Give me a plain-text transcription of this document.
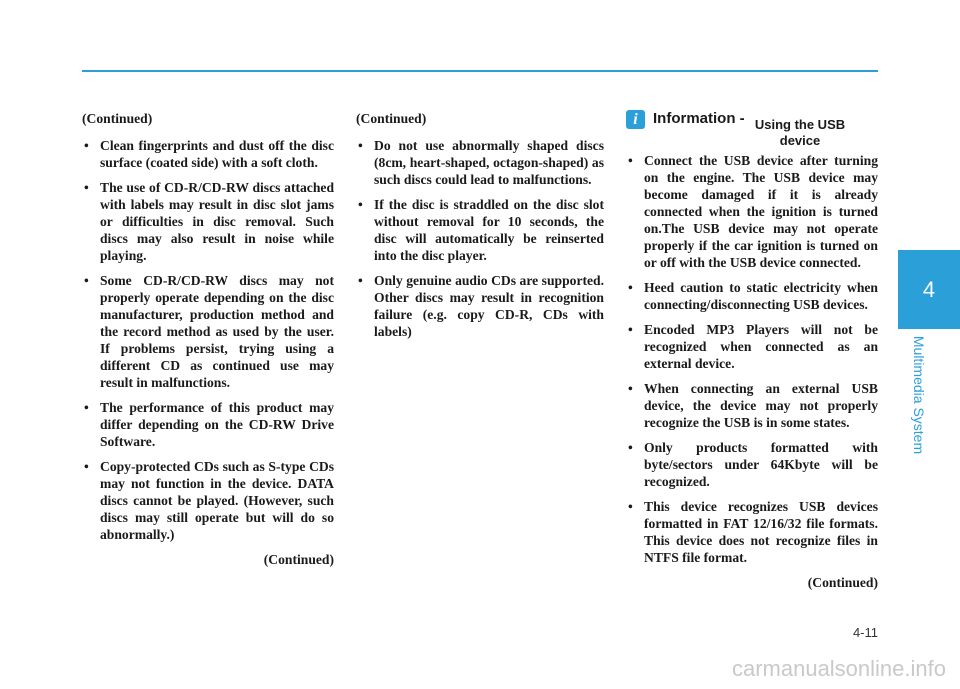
(Continued)
• Clean fingerprints and dust off the disc surface (coated side) with a soft cloth.
• The use of CD-R/CD-RW discs attached with labels may result in disc slot jams or difficulties in disc removal. Such discs may also result in noise while playing.
• Some CD-R/CD-RW discs may not properly operate depending on the disc manufacturer, production method and the record method as used by the user. If problems persist, trying using a different CD as continued use may result in malfunctions.
• The performance of this product may differ depending on the CD-RW Drive Software.
• Copy-protected CDs such as S-type CDs may not function in the device. DATA discs cannot be played. (However, such discs may still operate but will do so abnormally.)
(Continued)
(Continued)
• Do not use abnormally shaped discs (8cm, heart-shaped, octagon-shaped) as such discs could lead to malfunctions.
• If the disc is straddled on the disc slot without removal for 10 seconds, the disc will automatically be reinserted into the disc player.
• Only genuine audio CDs are supported. Other discs may result in recognition failure (e.g. copy CD-R, CDs with labels)
i	Information - Using the USB device
• Connect the USB device after turning on the engine. The USB device may become damaged if it is already connected when the ignition is turned on.The USB device may not operate properly if the car ignition is turned on or off with the USB device connected.
• Heed caution to static electricity when connecting/disconnecting USB devices.
• Encoded MP3 Players will not be recognized when connected as an external device.
• When connecting an external USB device, the device may not properly recognize the USB is in some states.
• Only products formatted with byte/sectors under 64Kbyte will be recognized.
• This device recognizes USB devices formatted in FAT 12/16/32 file formats. This device does not recognize files in NTFS file format.
(Continued)
4
Multimedia System
4-11
carmanualsonline.info
